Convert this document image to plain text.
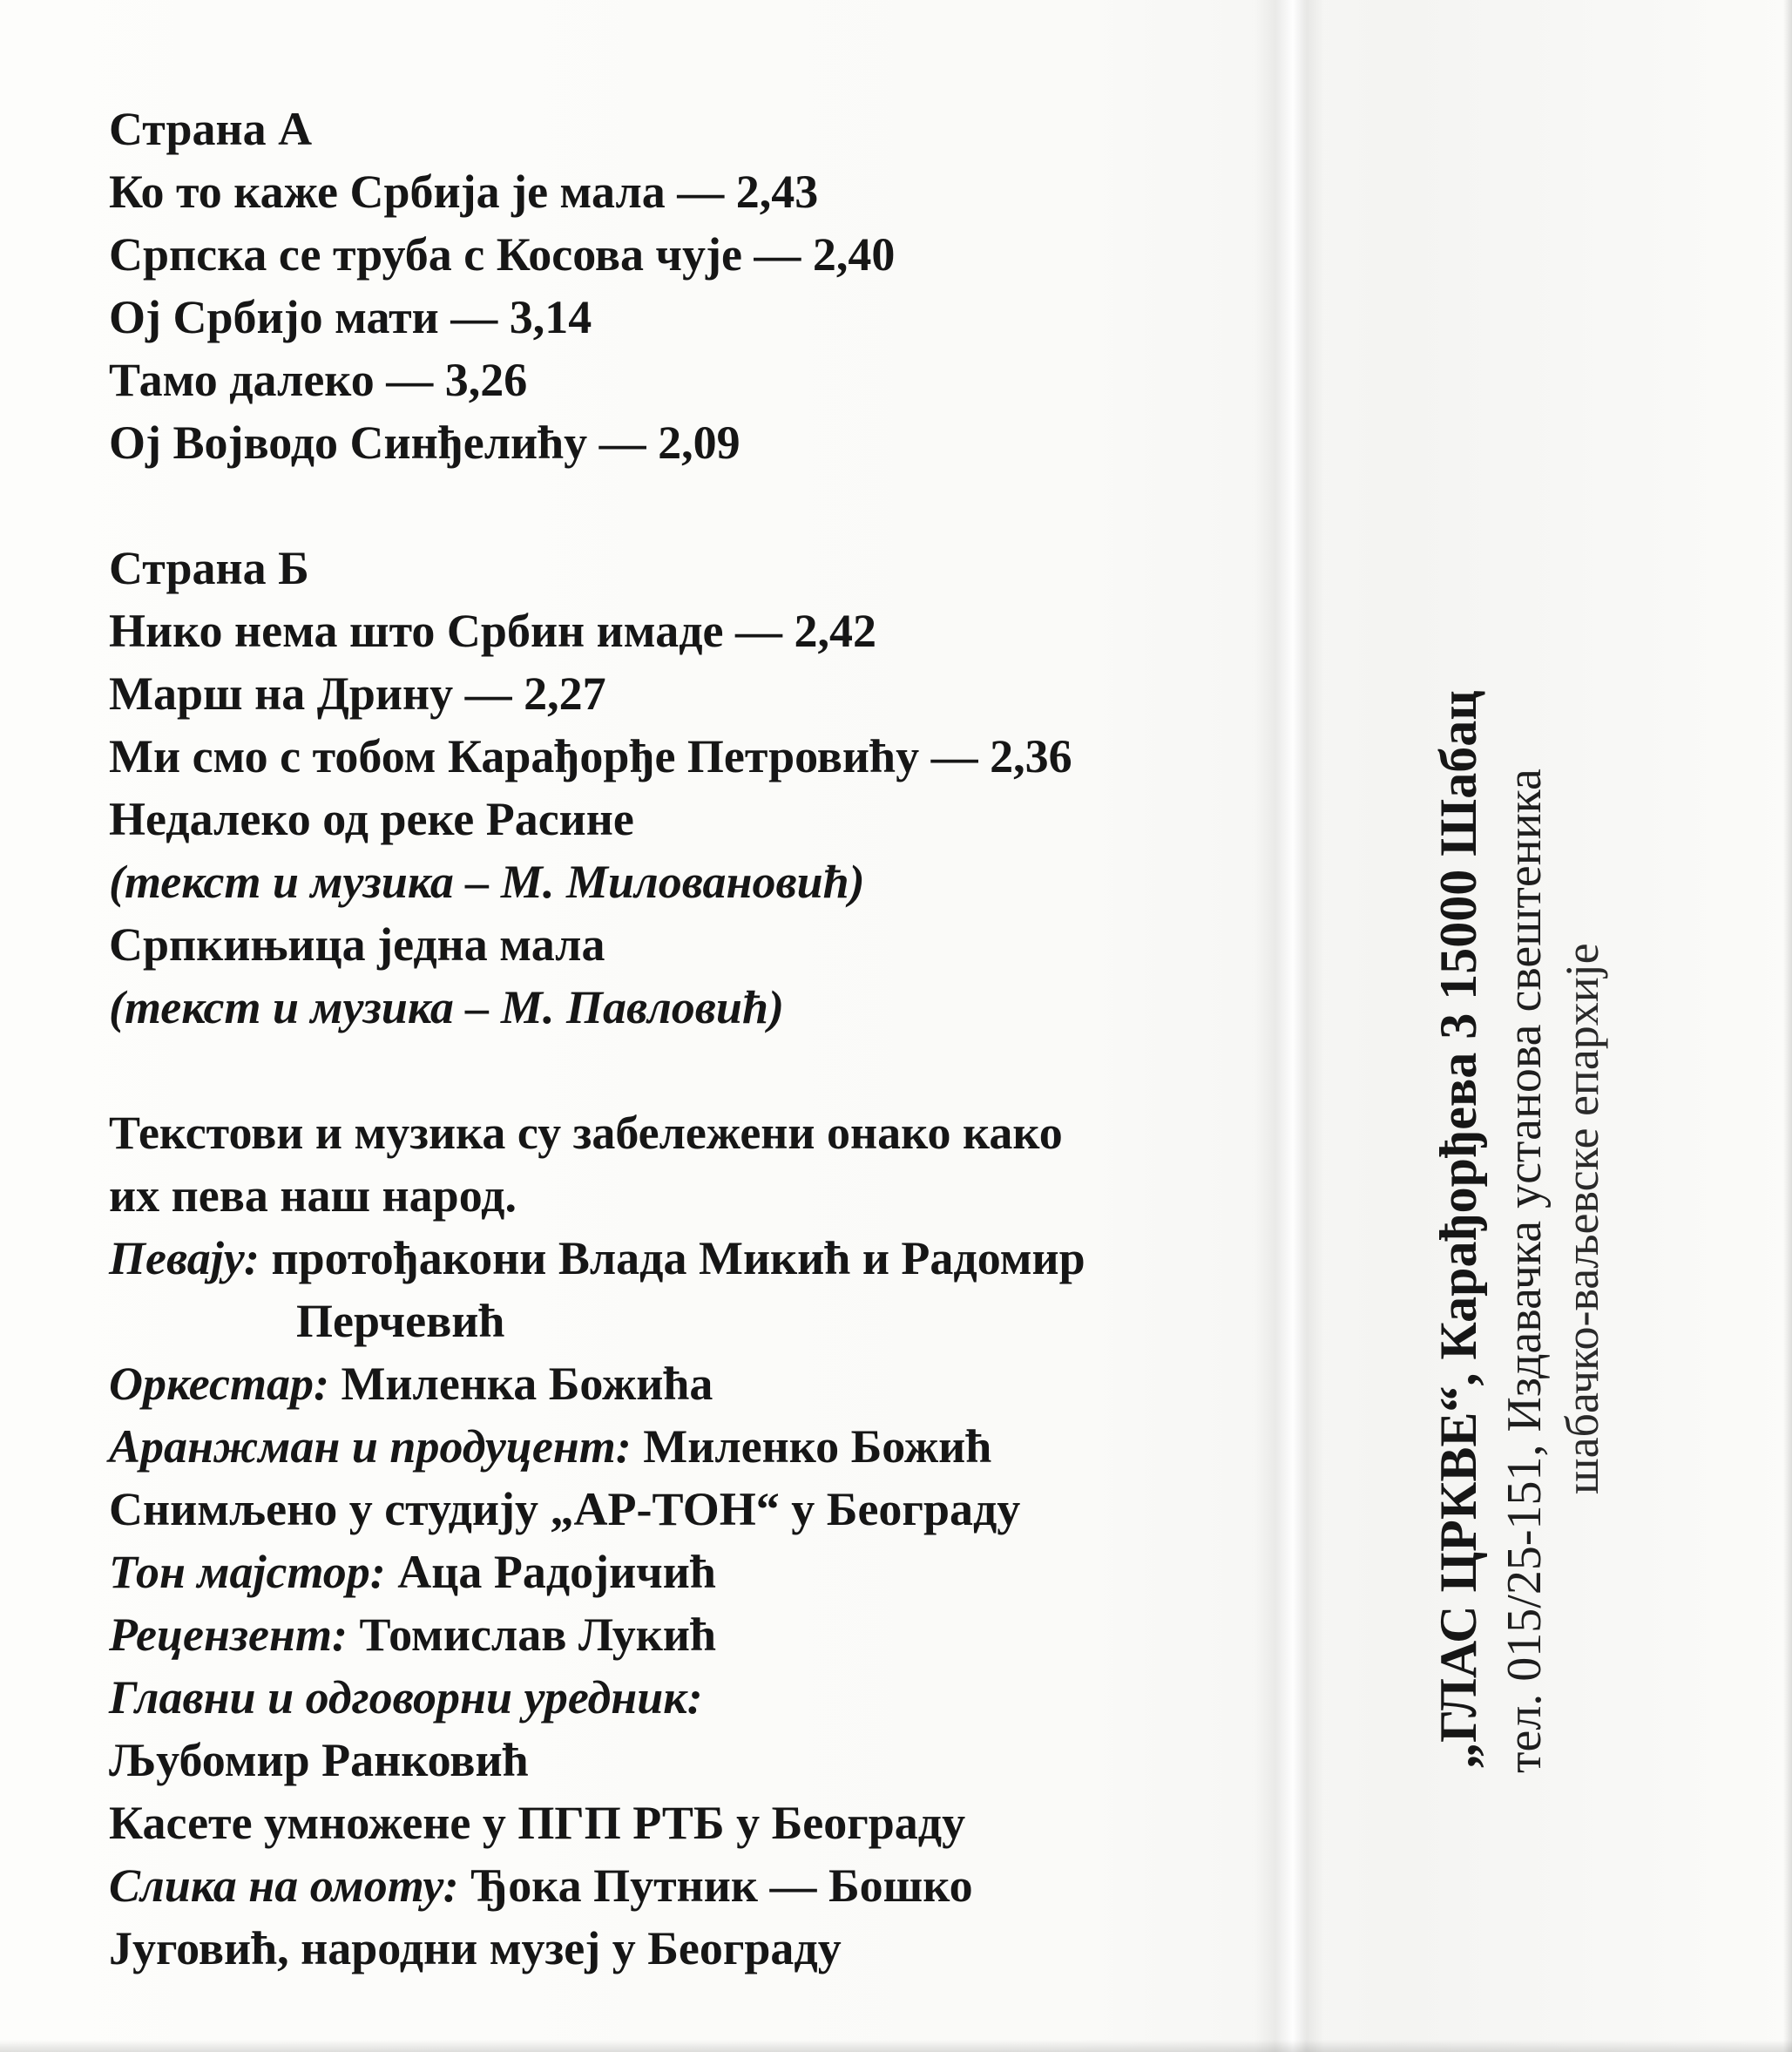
Страна А

Ко то каже Србија је мала — 2,43

Српска се труба с Косова чује — 2,40

Ој Србијо мати — 3,14

Тамо далеко — 3,26

Ој Војводо Синђелићу — 2,09

Страна Б

Нико нема што Србин имаде — 2,42

Марш на Дрину — 2,27

Ми смо с тобом Карађорђе Петровићу — 2,36

Недалеко од реке Расине

(текст и музика – М. Миловановић)

Српкињица једна мала

(текст и музика – М. Павловић)

Текстови и музика су забележени онако како

их пева наш народ.

Певају: протођакони Влада Микић и Радомир

Перчевић

Оркестар: Миленка Божића

Аранжман и продуцент: Миленко Божић

Снимљено у студију „АР-ТОН“ у Београду

Тон мајстор: Аца Радојичић

Рецензент: Томислав Лукић

Главни и одговорни уредник:

Љубомир Ранковић

Касете умножене у ПГП РТБ у Београду

Слика на омоту: Ђока Путник — Бошко

Југовић, народни музеј у Београду

„ГЛАС ЦРКВЕ“, Карађорђева 3 15000 Шабац тел. 015/25-151, Издавачка установа свештеника шабачко-ваљевске епархије
